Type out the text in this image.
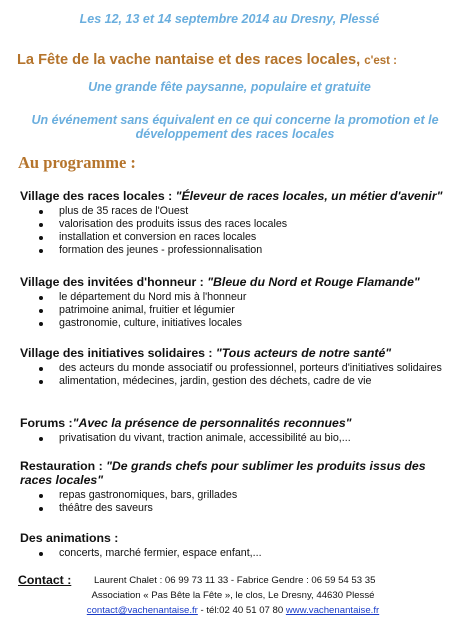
Les 12, 13 et 14 septembre 2014 au Dresny, Plessé
La Fête de la vache nantaise et des races locales, c'est :
Une grande fête paysanne, populaire et gratuite
Un événement sans équivalent en ce qui concerne la promotion et le développement des races locales
Au programme :
Village des races locales : "Éleveur de races locales, un métier d'avenir"
plus de 35 races de l'Ouest
valorisation des produits issus des races locales
installation et conversion en races locales
formation des jeunes - professionnalisation
Village des invitées d'honneur : "Bleue du Nord et Rouge Flamande"
le département du Nord mis à l'honneur
patrimoine animal, fruitier et légumier
gastronomie, culture, initiatives locales
Village des initiatives solidaires : "Tous acteurs de notre santé"
des acteurs du monde associatif ou professionnel, porteurs d'initiatives solidaires
alimentation, médecines, jardin, gestion des déchets, cadre de vie
Forums :"Avec la présence de personnalités reconnues"
privatisation du vivant, traction animale, accessibilité au bio,...
Restauration : "De grands chefs pour sublimer les produits issus des races locales"
repas gastronomiques, bars, grillades
théâtre des saveurs
Des animations :
concerts, marché fermier, espace enfant,...
Contact : Laurent Chalet : 06 99 73 11 33 - Fabrice Gendre : 06 59 54 53 35
Association « Pas Bête la Fête », le clos, Le Dresny, 44630 Plessé
contact@vachenantaise.fr - tél:02 40 51 07 80 www.vachenantaise.fr
